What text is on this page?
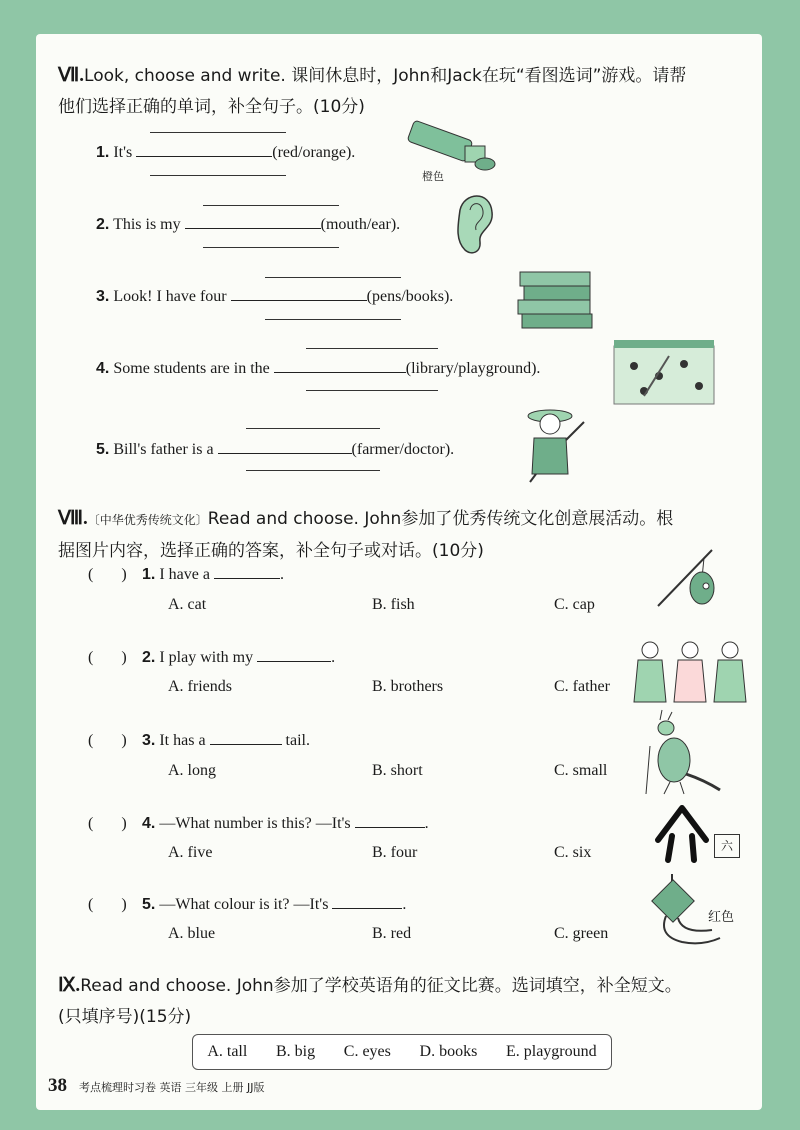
Ⅶ.Look, choose and write. 课间休息时，John和Jack在玩“看图选词”游戏。请帮
他们选择正确的单词，补全句子。(10分)
1. It's	(red/orange).
橙色
2. This is my	(mouth/ear).
3. Look! I have four	(pens/books).
4. Some students are in the	(library/playground).
5. Bill's father is a	(farmer/doctor).
Ⅷ.〔中华优秀传统文化〕Read and choose. John参加了优秀传统文化创意展活动。根
据图片内容，选择正确的答案，补全句子或对话。(10分)
(       ) 1. I have a	.
A. cat	B. fish	C. cap
(       ) 2. I play with my	.
A. friends	B. brothers	C. father
(       ) 3. It has a	tail.
A. long	B. short	C. small
(       ) 4. —What number is this? —It's	.
A. five	B. four	C. six	六
(       ) 5. —What colour is it? —It's	.
A. blue	B. red	C. green
红色
Ⅸ.Read and choose. John参加了学校英语角的征文比赛。选词填空，补全短文。
(只填序号)(15分)
A. tall B. big C. eyes D. books E. playground
38 考点梳理时习卷 英语 三年级 上册 JJ版
